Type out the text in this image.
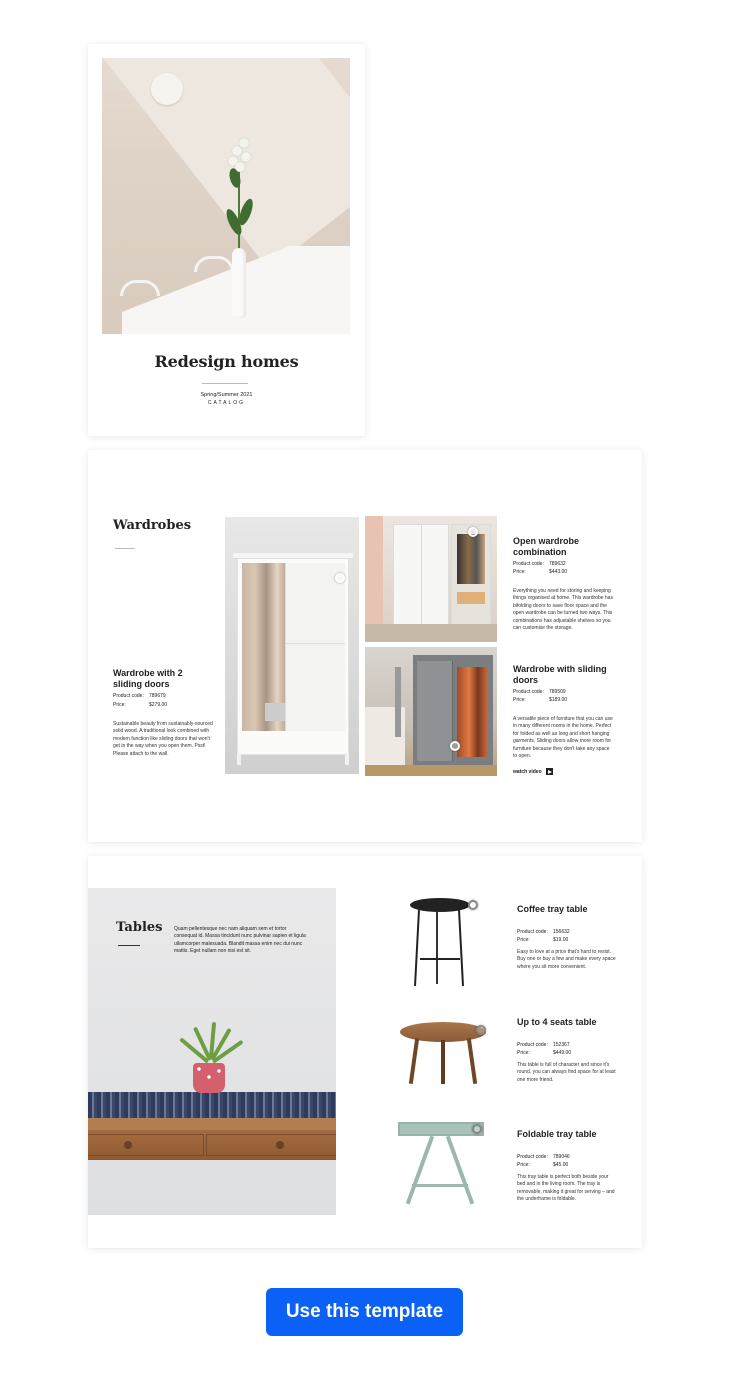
Redesign homes
Spring/Summer 2021
CATALOG
Wardrobes
Wardrobe with 2 sliding doors
Product code: 789679
Price:	$279.00
Sustainable beauty from sustainably-sourced solid wood. A traditional look combined with modern function like sliding doors that won't get in the way when you open them. Psst! Please attach to the wall.
Open wardrobe combination
Product code: 789632
Price:	$443.00
Everything you need for storing and keeping things organised at home. This wardrobe has bifolding doors to save floor space and the open wardrobe can be turned two ways. This combinations has adjustable shelves so you can customise the storage.
Wardrobe with sliding doors
Product code: 789509
Price:	$189.00
A versatile piece of furniture that you can use in many different rooms in the home. Perfect for folded as well as long and short hanging garments. Sliding doors allow more room for furniture because they don't take any space to open.
watch video
Tables Quam pellentesque nec nam aliquam sem et tortor consequat id. Massa tincidunt nunc pulvinar sapien et ligula ullamcorper malesuada. Blandit massa enim nec dui nunc mattis. Eget nullam non nisi est sit.
Coffee tray table
Product code: 156632
Price:	$19.00
Easy to love at a price that's hard to resist. Buy one or buy a few and make every space where you sit more convenient.
Up to 4 seats table
Product code: 152367
Price:	$449.00
This table is full of character and since it's round, you can always find space for at least one more friend.
Foldable tray table
Product code: 789046
Price:	$45.00
This tray table is perfect both beside your bed and in the living room. The tray is removable, making it great for serving – and the underframe is foldable.
Use this template
